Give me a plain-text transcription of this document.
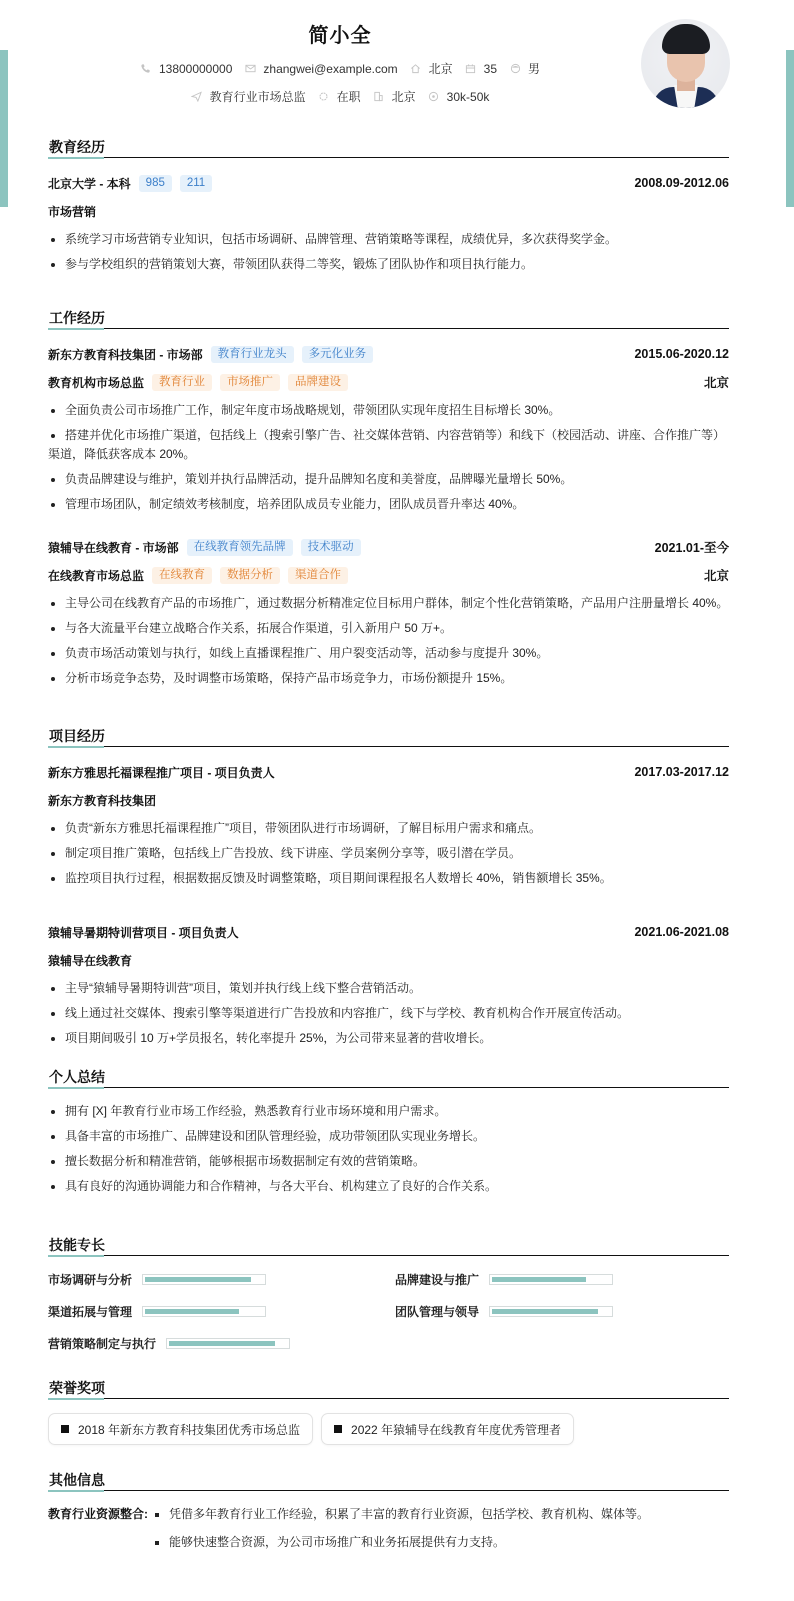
简小全
13800000000	zhangwei@example.com	北京	35	男
教育行业市场总监	在职	北京	30k-50k
教育经历
北京大学 - 本科	985	211	2008.09-2012.06
市场营销
系统学习市场营销专业知识，包括市场调研、品牌管理、营销策略等课程，成绩优异，多次获得奖学金。
参与学校组织的营销策划大赛，带领团队获得二等奖，锻炼了团队协作和项目执行能力。
工作经历
新东方教育科技集团 - 市场部	教育行业龙头	多元化业务	2015.06-2020.12
教育机构市场总监	教育行业	市场推广	品牌建设	北京
全面负责公司市场推广工作，制定年度市场战略规划，带领团队实现年度招生目标增长 30%。
搭建并优化市场推广渠道，包括线上（搜索引擎广告、社交媒体营销、内容营销等）和线下（校园活动、讲座、合作推广等）渠道，降低获客成本 20%。
负责品牌建设与维护，策划并执行品牌活动，提升品牌知名度和美誉度，品牌曝光量增长 50%。
管理市场团队，制定绩效考核制度，培养团队成员专业能力，团队成员晋升率达 40%。
猿辅导在线教育 - 市场部	在线教育领先品牌	技术驱动	2021.01-至今
在线教育市场总监	在线教育	数据分析	渠道合作	北京
主导公司在线教育产品的市场推广，通过数据分析精准定位目标用户群体，制定个性化营销策略，产品用户注册量增长 40%。
与各大流量平台建立战略合作关系，拓展合作渠道，引入新用户 50 万+。
负责市场活动策划与执行，如线上直播课程推广、用户裂变活动等，活动参与度提升 30%。
分析市场竞争态势，及时调整市场策略，保持产品市场竞争力，市场份额提升 15%。
项目经历
新东方雅思托福课程推广项目 - 项目负责人	2017.03-2017.12
新东方教育科技集团
负责“新东方雅思托福课程推广”项目，带领团队进行市场调研，了解目标用户需求和痛点。
制定项目推广策略，包括线上广告投放、线下讲座、学员案例分享等，吸引潜在学员。
监控项目执行过程，根据数据反馈及时调整策略，项目期间课程报名人数增长 40%，销售额增长 35%。
猿辅导暑期特训营项目 - 项目负责人	2021.06-2021.08
猿辅导在线教育
主导“猿辅导暑期特训营”项目，策划并执行线上线下整合营销活动。
线上通过社交媒体、搜索引擎等渠道进行广告投放和内容推广，线下与学校、教育机构合作开展宣传活动。
项目期间吸引 10 万+学员报名，转化率提升 25%，为公司带来显著的营收增长。
个人总结
拥有 [X] 年教育行业市场工作经验，熟悉教育行业市场环境和用户需求。
具备丰富的市场推广、品牌建设和团队管理经验，成功带领团队实现业务增长。
擅长数据分析和精准营销，能够根据市场数据制定有效的营销策略。
具有良好的沟通协调能力和合作精神，与各大平台、机构建立了良好的合作关系。
技能专长
市场调研与分析	品牌建设与推广
渠道拓展与管理	团队管理与领导
营销策略制定与执行
荣誉奖项
2018 年新东方教育科技集团优秀市场总监	2022 年猿辅导在线教育年度优秀管理者
其他信息
教育行业资源整合:	凭借多年教育行业工作经验，积累了丰富的教育行业资源，包括学校、教育机构、媒体等。
能够快速整合资源，为公司市场推广和业务拓展提供有力支持。
